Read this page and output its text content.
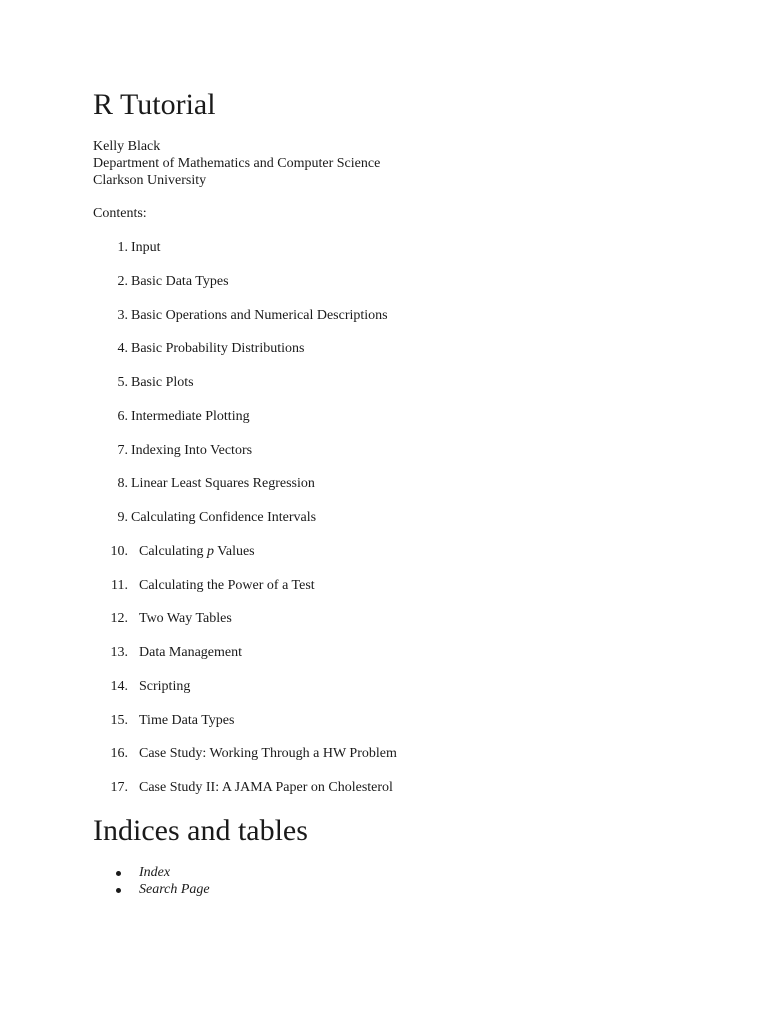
R Tutorial
Kelly Black
Department of Mathematics and Computer Science
Clarkson University
Contents:
1. Input
2. Basic Data Types
3. Basic Operations and Numerical Descriptions
4. Basic Probability Distributions
5. Basic Plots
6. Intermediate Plotting
7. Indexing Into Vectors
8. Linear Least Squares Regression
9. Calculating Confidence Intervals
10. Calculating p Values
11. Calculating the Power of a Test
12. Two Way Tables
13. Data Management
14. Scripting
15. Time Data Types
16. Case Study: Working Through a HW Problem
17. Case Study II: A JAMA Paper on Cholesterol
Indices and tables
Index
Search Page
